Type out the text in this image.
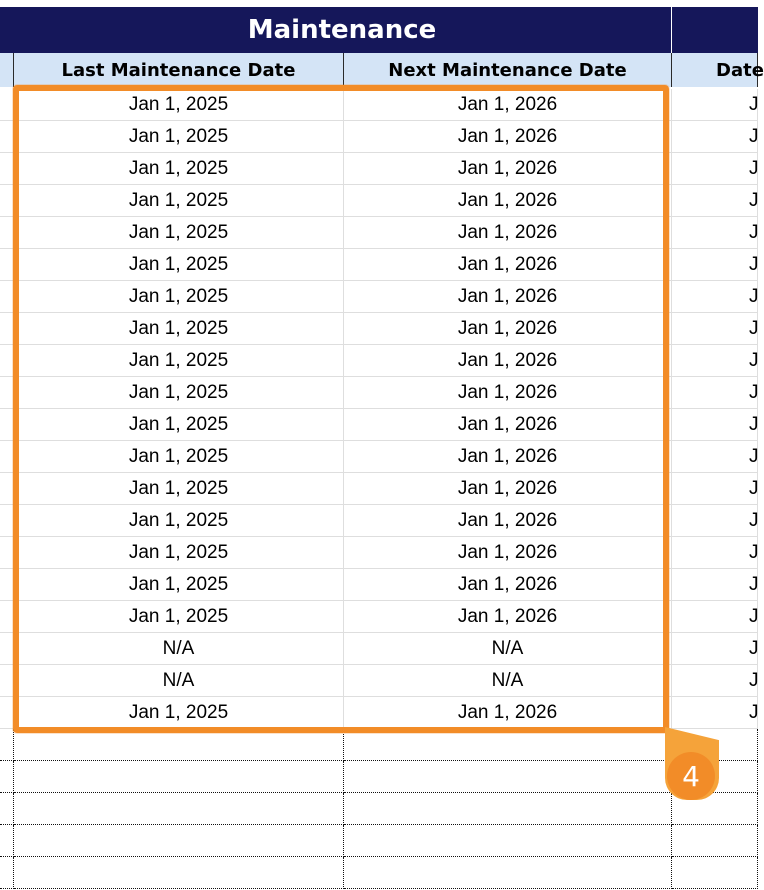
Maintenance
Last Maintenance Date	Next Maintenance Date	Date
Jan 1, 2025	Jan 1, 2026	J
Jan 1, 2025	Jan 1, 2026	J
Jan 1, 2025	Jan 1, 2026	J
Jan 1, 2025	Jan 1, 2026	J
Jan 1, 2025	Jan 1, 2026	J
Jan 1, 2025	Jan 1, 2026	J
Jan 1, 2025	Jan 1, 2026	J
Jan 1, 2025	Jan 1, 2026	J
Jan 1, 2025	Jan 1, 2026	J
Jan 1, 2025	Jan 1, 2026	J
Jan 1, 2025	Jan 1, 2026	J
Jan 1, 2025	Jan 1, 2026	J
Jan 1, 2025	Jan 1, 2026	J
Jan 1, 2025	Jan 1, 2026	J
Jan 1, 2025	Jan 1, 2026	J
Jan 1, 2025	Jan 1, 2026	J
Jan 1, 2025	Jan 1, 2026	J
N/A	N/A	J
N/A	N/A	J
Jan 1, 2025	Jan 1, 2026	J
4
